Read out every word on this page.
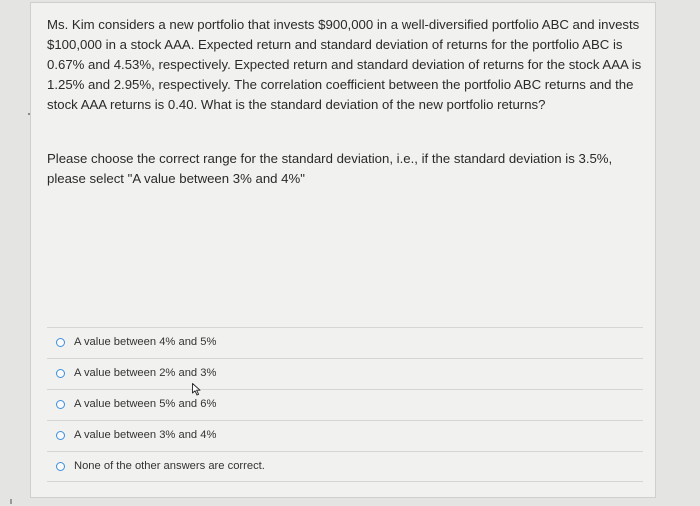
Ms. Kim considers a new portfolio that invests $900,000 in a well-diversified portfolio ABC and invests $100,000 in a stock AAA. Expected return and standard deviation of returns for the portfolio ABC is 0.67% and 4.53%, respectively. Expected return and standard deviation of returns for the stock AAA is 1.25% and 2.95%, respectively. The correlation coefficient between the portfolio ABC returns and the stock AAA returns is 0.40. What is the standard deviation of the new portfolio returns?

Please choose the correct range for the standard deviation, i.e., if the standard deviation is 3.5%, please select "A value between 3% and 4%"

A value between 4% and 5%
A value between 2% and 3%
A value between 5% and 6%
A value between 3% and 4%
None of the other answers are correct.
